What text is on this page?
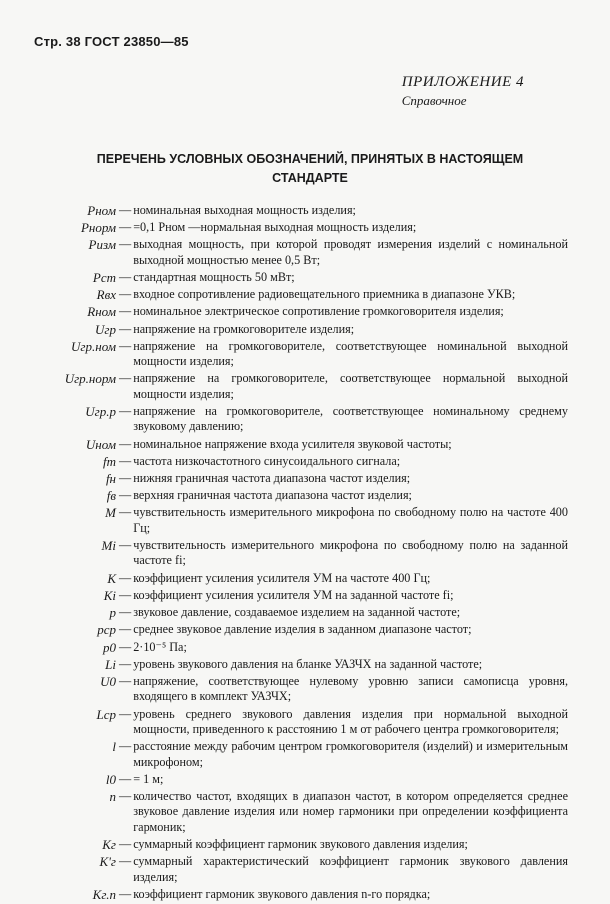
Стр. 38 ГОСТ 23850—85
ПРИЛОЖЕНИЕ 4
Справочное
ПЕРЕЧЕНЬ УСЛОВНЫХ ОБОЗНАЧЕНИЙ, ПРИНЯТЫХ В НАСТОЯЩЕМ
СТАНДАРТЕ
Pном — номинальная выходная мощность изделия;
Pнорм — =0,1 Pном —нормальная выходная мощность изделия;
Pизм — выходная мощность, при которой проводят измерения изделий с номинальной выходной мощностью менее 0,5 Вт;
Pст — стандартная мощность 50 мВт;
Rвх — входное сопротивление радиовещательного приемника в диапазоне УКВ;
Rном — номинальное электрическое сопротивление громкоговорителя изделия;
Uгр — напряжение на громкоговорителе изделия;
Uгр.ном — напряжение на громкоговорителе, соответствующее номинальной выходной мощности изделия;
Uгр.норм — напряжение на громкоговорителе, соответствующее нормальной выходной мощности изделия;
Uгр.р — напряжение на громкоговорителе, соответствующее номинальному среднему звуковому давлению;
Uном — номинальное напряжение входа усилителя звуковой частоты;
fm — частота низкочастотного синусоидального сигнала;
fн — нижняя граничная частота диапазона частот изделия;
fв — верхняя граничная частота диапазона частот изделия;
M — чувствительность измерительного микрофона по свободному полю на частоте 400 Гц;
Mi — чувствительность измерительного микрофона по свободному полю на заданной частоте fi;
K — коэффициент усиления усилителя УМ на частоте 400 Гц;
Ki — коэффициент усиления усилителя УМ на заданной частоте fi;
p — звуковое давление, создаваемое изделием на заданной частоте;
pср — среднее звуковое давление изделия в заданном диапазоне частот;
p0 — 2·10⁻⁵ Па;
Li — уровень звукового давления на бланке УАЗЧХ на заданной частоте;
U0 — напряжение, соответствующее нулевому уровню записи самописца уровня, входящего в комплект УАЗЧХ;
Lср — уровень среднего звукового давления изделия при нормальной выходной мощности, приведенного к расстоянию 1 м от рабочего центра громкоговорителя;
l — расстояние между рабочим центром громкоговорителя (изделий) и измерительным микрофоном;
l0 — = 1 м;
n — количество частот, входящих в диапазон частот, в котором определяется среднее звуковое давление изделия или номер гармоники при определении коэффициента гармоник;
Kг — суммарный коэффициент гармоник звукового давления изделия;
K'г — суммарный характеристический коэффициент гармоник звукового давления изделия;
Kг.n — коэффициент гармоник звукового давления n-го порядка;
